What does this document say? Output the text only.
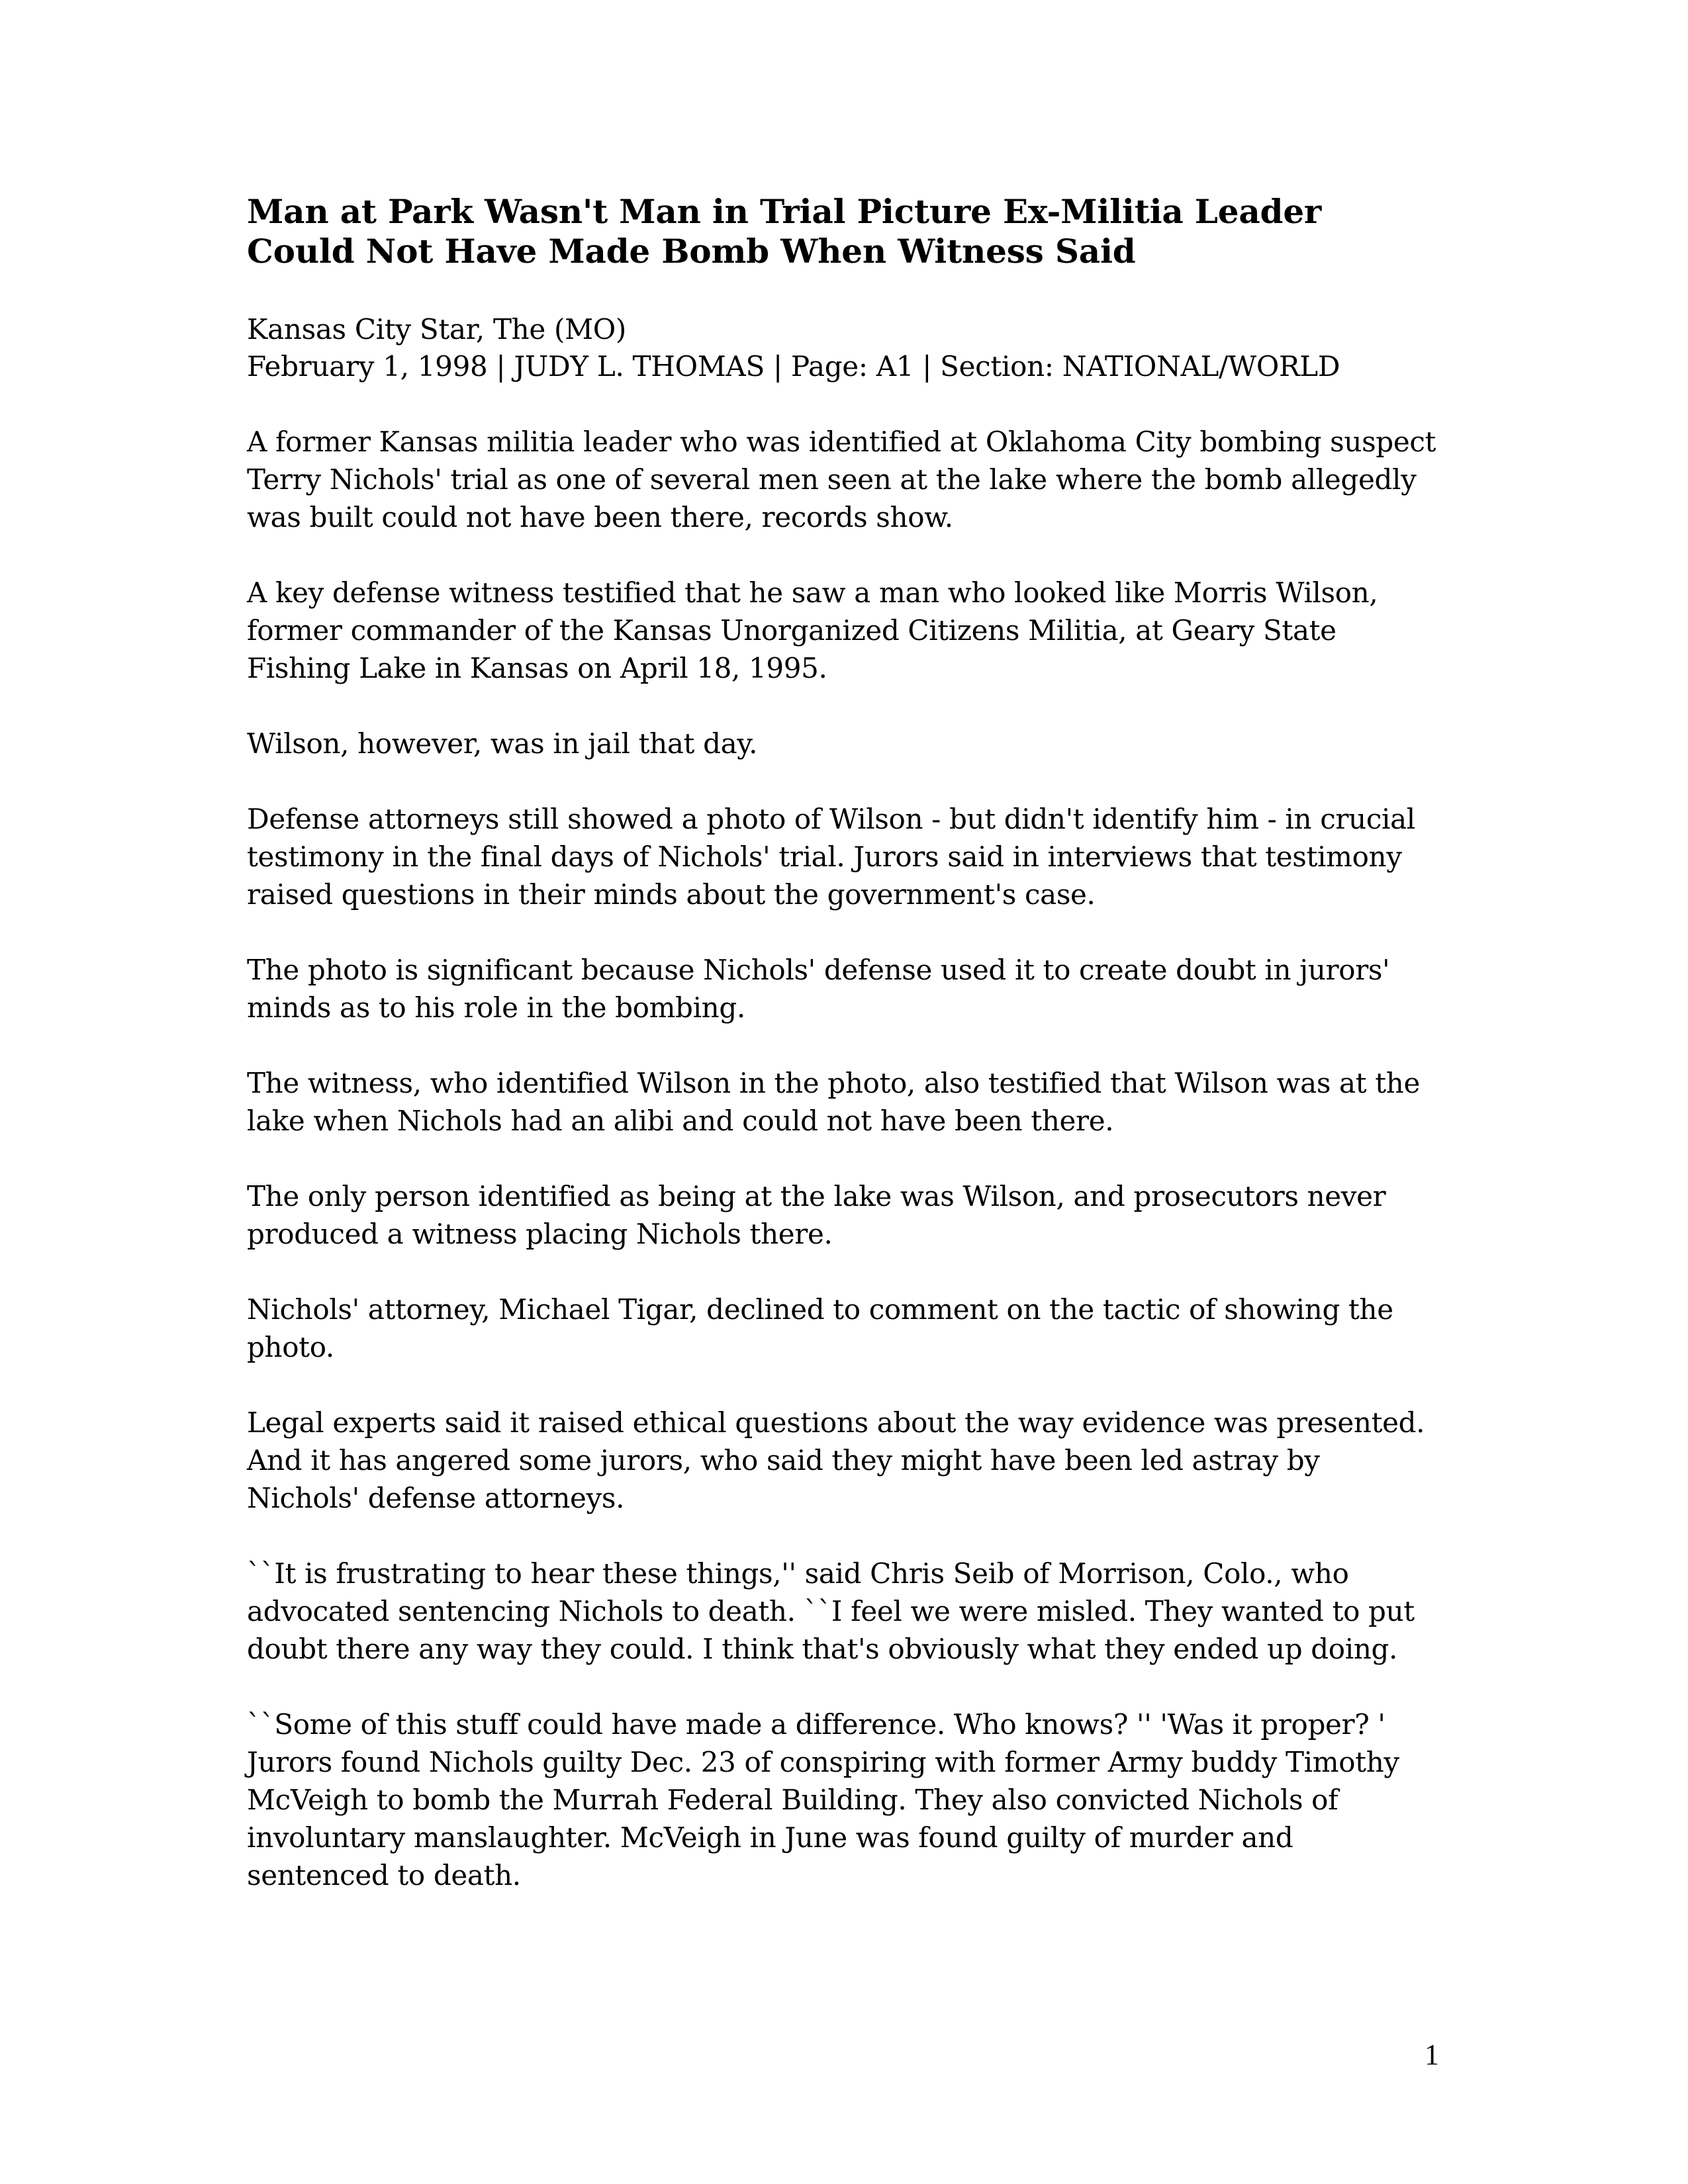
Man at Park Wasn't Man in Trial Picture Ex-Militia Leader Could Not Have Made Bomb When Witness Said
Kansas City Star, The (MO)
February 1, 1998 | JUDY L. THOMAS | Page: A1 | Section: NATIONAL/WORLD

A former Kansas militia leader who was identified at Oklahoma City bombing suspect Terry Nichols' trial as one of several men seen at the lake where the bomb allegedly was built could not have been there, records show.

A key defense witness testified that he saw a man who looked like Morris Wilson, former commander of the Kansas Unorganized Citizens Militia, at Geary State Fishing Lake in Kansas on April 18, 1995.

Wilson, however, was in jail that day.

Defense attorneys still showed a photo of Wilson - but didn't identify him - in crucial testimony in the final days of Nichols' trial. Jurors said in interviews that testimony raised questions in their minds about the government's case.

The photo is significant because Nichols' defense used it to create doubt in jurors' minds as to his role in the bombing.

The witness, who identified Wilson in the photo, also testified that Wilson was at the lake when Nichols had an alibi and could not have been there.

The only person identified as being at the lake was Wilson, and prosecutors never produced a witness placing Nichols there.

Nichols' attorney, Michael Tigar, declined to comment on the tactic of showing the photo.

Legal experts said it raised ethical questions about the way evidence was presented. And it has angered some jurors, who said they might have been led astray by Nichols' defense attorneys.

``It is frustrating to hear these things,'' said Chris Seib of Morrison, Colo., who advocated sentencing Nichols to death. ``I feel we were misled. They wanted to put doubt there any way they could. I think that's obviously what they ended up doing.

``Some of this stuff could have made a difference. Who knows? '' 'Was it proper? ' Jurors found Nichols guilty Dec. 23 of conspiring with former Army buddy Timothy McVeigh to bomb the Murrah Federal Building. They also convicted Nichols of involuntary manslaughter. McVeigh in June was found guilty of murder and sentenced to death.

1
